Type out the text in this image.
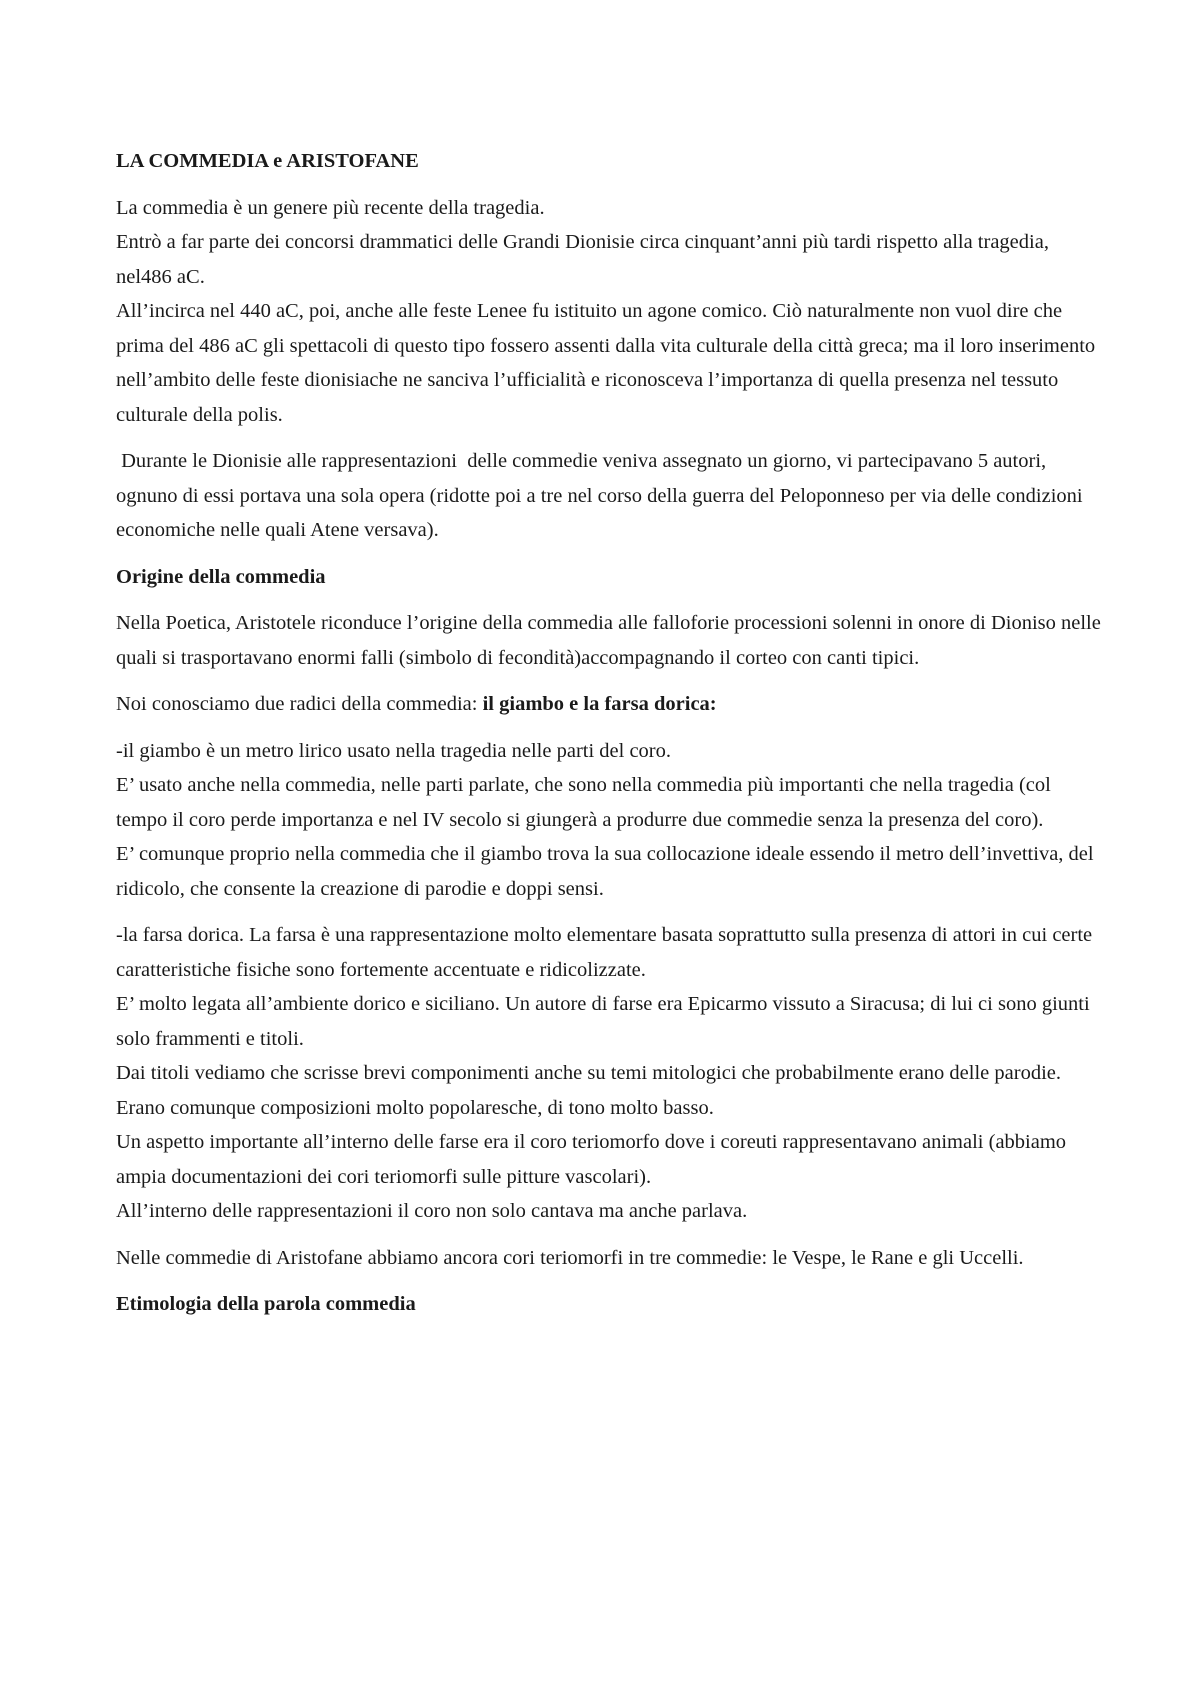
LA COMMEDIA e ARISTOFANE

La commedia è un genere più recente della tragedia.
Entrò a far parte dei concorsi drammatici delle Grandi Dionisie circa cinquant’anni più tardi rispetto alla tragedia, nel486 aC.
All’incirca nel 440 aC, poi, anche alle feste Lenee fu istituito un agone comico. Ciò naturalmente non vuol dire che prima del 486 aC gli spettacoli di questo tipo fossero assenti dalla vita culturale della città greca; ma il loro inserimento nell’ambito delle feste dionisiache ne sanciva l’ufficialità e riconosceva l’importanza di quella presenza nel tessuto culturale della polis.

Durante le Dionisie alle rappresentazioni  delle commedie veniva assegnato un giorno, vi partecipavano 5 autori, ognuno di essi portava una sola opera (ridotte poi a tre nel corso della guerra del Peloponneso per via delle condizioni economiche nelle quali Atene versava).

Origine della commedia

Nella Poetica, Aristotele riconduce l’origine della commedia alle falloforie processioni solenni in onore di Dioniso nelle quali si trasportavano enormi falli (simbolo di fecondità)accompagnando il corteo con canti tipici.

Noi conosciamo due radici della commedia: il giambo e la farsa dorica:

-il giambo è un metro lirico usato nella tragedia nelle parti del coro.
E’ usato anche nella commedia, nelle parti parlate, che sono nella commedia più importanti che nella tragedia (col tempo il coro perde importanza e nel IV secolo si giungerà a produrre due commedie senza la presenza del coro).
E’ comunque proprio nella commedia che il giambo trova la sua collocazione ideale essendo il metro dell’invettiva, del ridicolo, che consente la creazione di parodie e doppi sensi.

-la farsa dorica. La farsa è una rappresentazione molto elementare basata soprattutto sulla presenza di attori in cui certe caratteristiche fisiche sono fortemente accentuate e ridicolizzate.
E’ molto legata all’ambiente dorico e siciliano. Un autore di farse era Epicarmo vissuto a Siracusa; di lui ci sono giunti solo frammenti e titoli.
Dai titoli vediamo che scrisse brevi componimenti anche su temi mitologici che probabilmente erano delle parodie.
Erano comunque composizioni molto popolaresche, di tono molto basso.
Un aspetto importante all’interno delle farse era il coro teriomorfo dove i coreuti rappresentavano animali (abbiamo ampia documentazioni dei cori teriomorfi sulle pitture vascolari).
All’interno delle rappresentazioni il coro non solo cantava ma anche parlava.

Nelle commedie di Aristofane abbiamo ancora cori teriomorfi in tre commedie: le Vespe, le Rane e gli Uccelli.

Etimologia della parola commedia
